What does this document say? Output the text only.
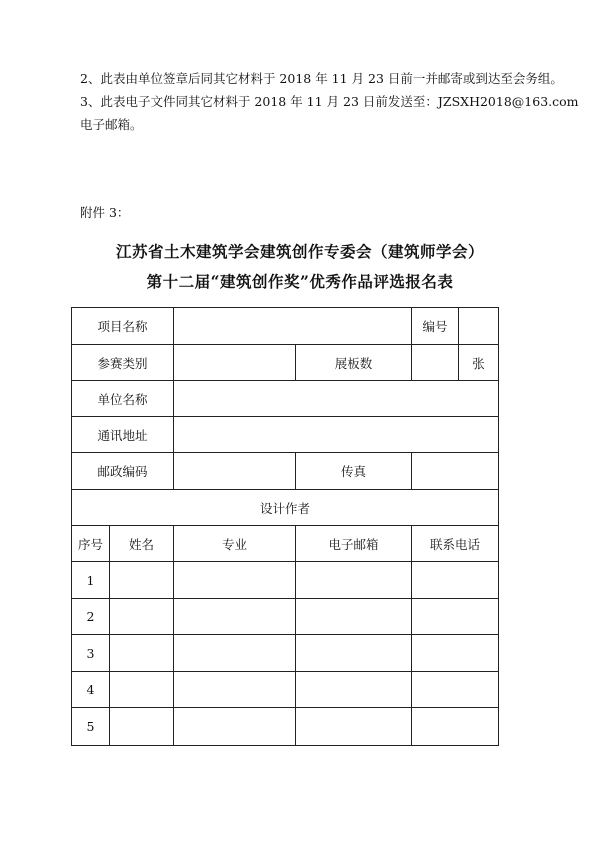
2、此表由单位签章后同其它材料于 2018 年 11 月 23 日前一并邮寄或到达至会务组。
3、此表电子文件同其它材料于 2018 年 11 月 23 日前发送至：JZSXH2018@163.com
电子邮箱。
附件 3：
江苏省土木建筑学会建筑创作专委会（建筑师学会）
第十二届“建筑创作奖”优秀作品评选报名表
项目名称				编号	
参赛类别			展板数		张
单位名称					
通讯地址					
邮政编码			传真		
设计作者					
序号	姓名	专业	电子邮箱	联系电话	
1					
2					
3					
4					
5					
